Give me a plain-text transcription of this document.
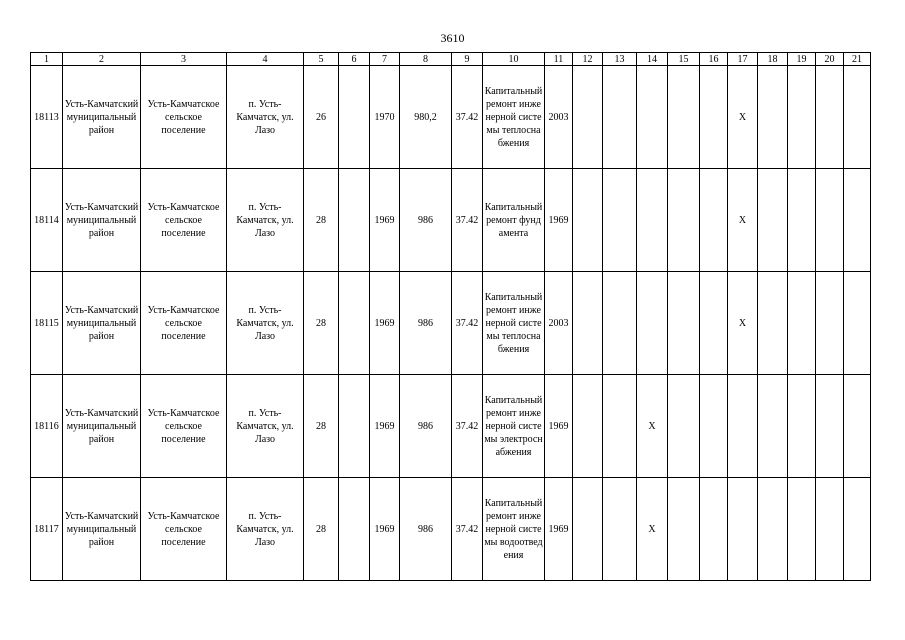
3610
1	2	3	4	5	6	7	8	9	10	11	12	13	14	15	16	17	18	19	20	21
18113	Усть-Камчатский муниципальный район	Усть-Камчатское сельское поселение	п. Усть-Камчатск, ул. Лазо	26		1970	980,2	37.42	Капитальный ремонт инженерной системы теплоснабжения	2003						X				
18114	Усть-Камчатский муниципальный район	Усть-Камчатское сельское поселение	п. Усть-Камчатск, ул. Лазо	28		1969	986	37.42	Капитальный ремонт фундамента	1969						X				
18115	Усть-Камчатский муниципальный район	Усть-Камчатское сельское поселение	п. Усть-Камчатск, ул. Лазо	28		1969	986	37.42	Капитальный ремонт инженерной системы теплоснабжения	2003						X				
18116	Усть-Камчатский муниципальный район	Усть-Камчатское сельское поселение	п. Усть-Камчатск, ул. Лазо	28		1969	986	37.42	Капитальный ремонт инженерной системы электроснабжения	1969			X							
18117	Усть-Камчатский муниципальный район	Усть-Камчатское сельское поселение	п. Усть-Камчатск, ул. Лазо	28		1969	986	37.42	Капитальный ремонт инженерной системы водоотведения	1969			X							
